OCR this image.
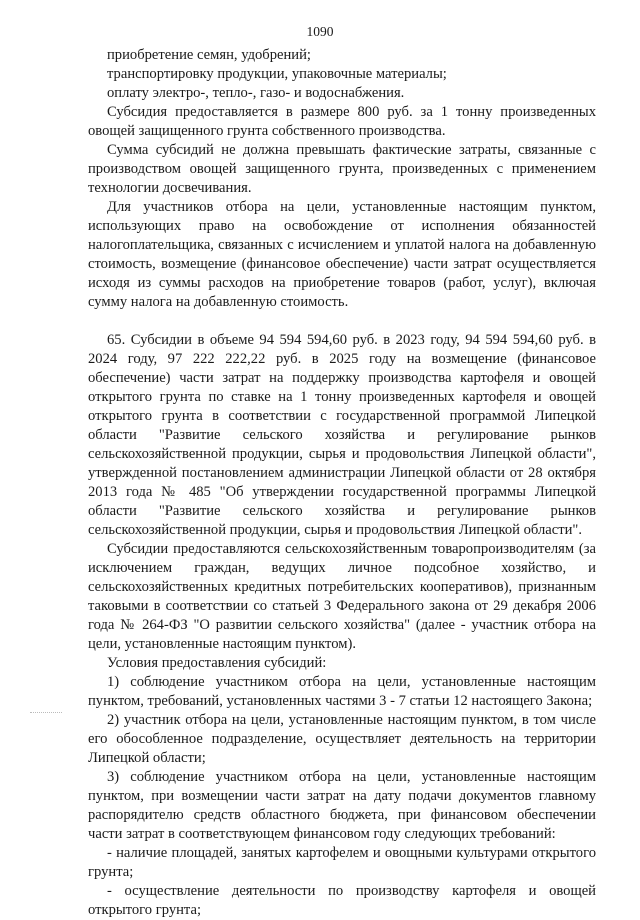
1090

приобретение семян, удобрений;

транспортировку продукции, упаковочные материалы;

оплату электро-, тепло-, газо- и водоснабжения.

Субсидия предоставляется в размере 800 руб. за 1 тонну произведенных овощей защищенного грунта собственного производства.

Сумма субсидий не должна превышать фактические затраты, связанные с производством овощей защищенного грунта, произведенных с применением технологии досвечивания.

Для участников отбора на цели, установленные настоящим пунктом, использующих право на освобождение от исполнения обязанностей налогоплательщика, связанных с исчислением и уплатой налога на добавленную стоимость, возмещение (финансовое обеспечение) части затрат осуществляется исходя из суммы расходов на приобретение товаров (работ, услуг), включая сумму налога на добавленную стоимость.

65. Субсидии в объеме 94 594 594,60 руб. в 2023 году, 94 594 594,60 руб. в 2024 году, 97 222 222,22 руб. в 2025 году на возмещение (финансовое обеспечение) части затрат на поддержку производства картофеля и овощей открытого грунта по ставке на 1 тонну произведенных картофеля и овощей открытого грунта в соответствии с государственной программой Липецкой области "Развитие сельского хозяйства и регулирование рынков сельскохозяйственной продукции, сырья и продовольствия Липецкой области", утвержденной постановлением администрации Липецкой области от 28 октября 2013 года № 485 "Об утверждении государственной программы Липецкой области "Развитие сельского хозяйства и регулирование рынков сельскохозяйственной продукции, сырья и продовольствия Липецкой области".

Субсидии предоставляются сельскохозяйственным товаропроизводителям (за исключением граждан, ведущих личное подсобное хозяйство, и сельскохозяйственных кредитных потребительских кооперативов), признанным таковыми в соответствии со статьей 3 Федерального закона от 29 декабря 2006 года № 264-ФЗ "О развитии сельского хозяйства" (далее - участник отбора на цели, установленные настоящим пунктом).

Условия предоставления субсидий:

1) соблюдение участником отбора на цели, установленные настоящим пунктом, требований, установленных частями 3 - 7 статьи 12 настоящего Закона;

2) участник отбора на цели, установленные настоящим пунктом, в том числе его обособленное подразделение, осуществляет деятельность на территории Липецкой области;

3) соблюдение участником отбора на цели, установленные настоящим пунктом, при возмещении части затрат на дату подачи документов главному распорядителю средств областного бюджета, при финансовом обеспечении части затрат в соответствующем финансовом году следующих требований:

- наличие площадей, занятых картофелем и овощными культурами открытого грунта;

- осуществление деятельности по производству картофеля и овощей открытого грунта;
